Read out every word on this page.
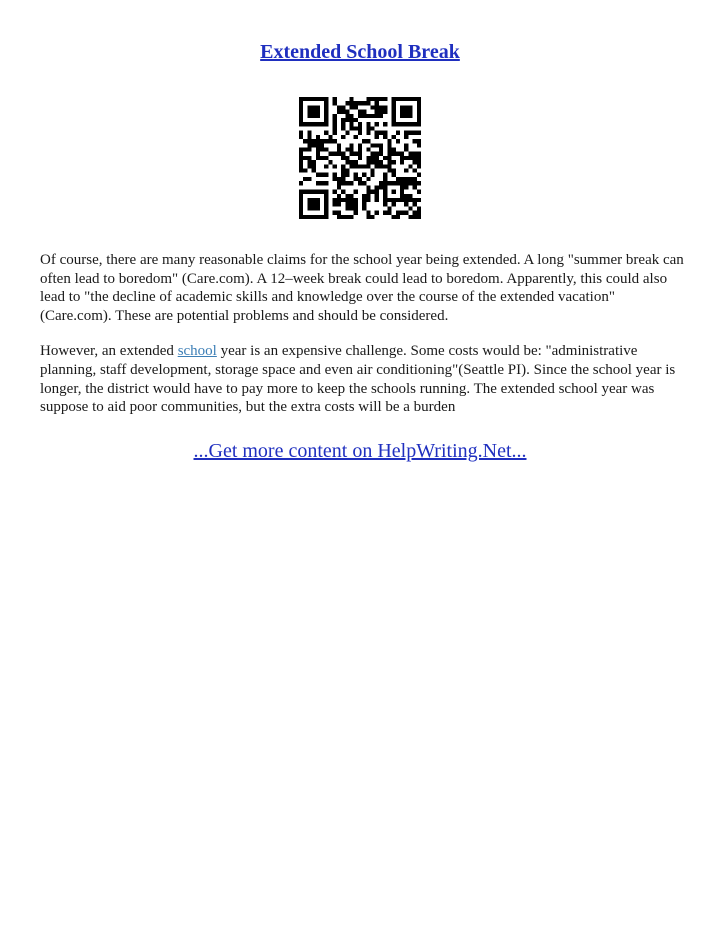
Extended School Break

Of course, there are many reasonable claims for the school year being extended. A long "summer break can often lead to boredom" (Care.com). A 12–week break could lead to boredom. Apparently, this could also lead to "the decline of academic skills and knowledge over the course of the extended vacation" (Care.com). These are potential problems and should be considered.

However, an extended school year is an expensive challenge. Some costs would be: "administrative planning, staff development, storage space and even air conditioning"(Seattle PI). Since the school year is longer, the district would have to pay more to keep the schools running. The extended school year was suppose to aid poor communities, but the extra costs will be a burden

...Get more content on HelpWriting.Net...
